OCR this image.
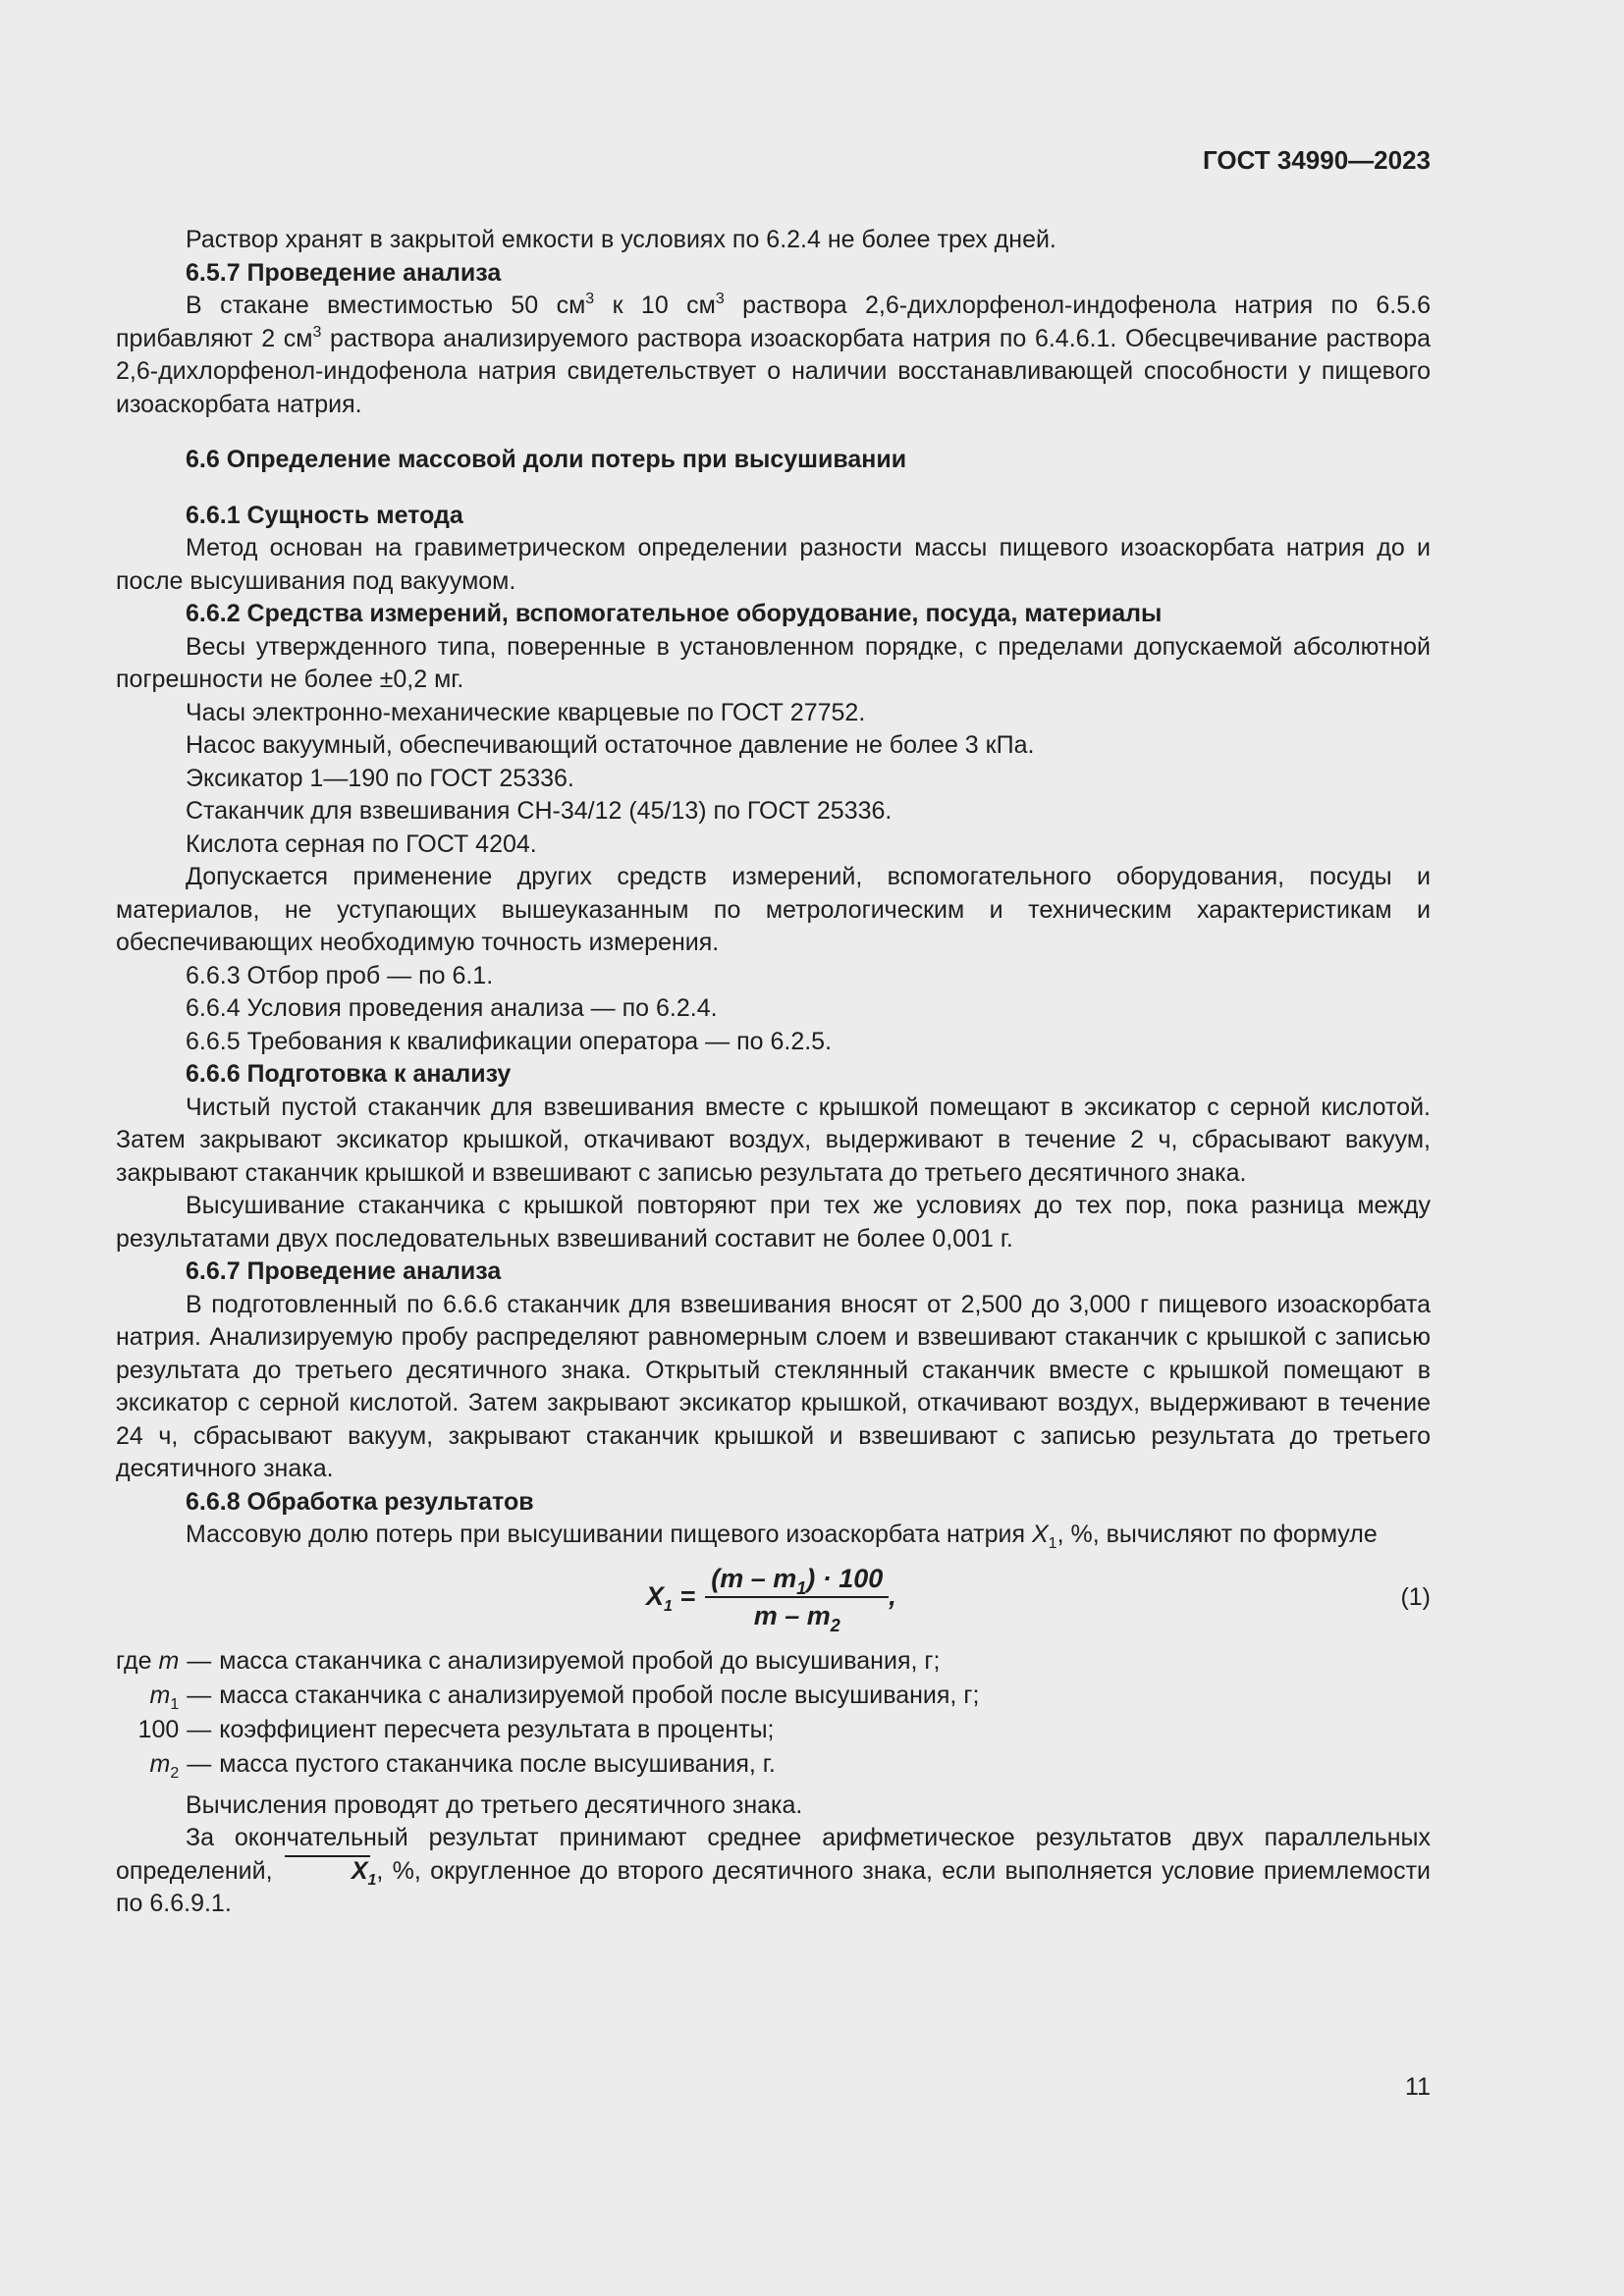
ГОСТ 34990—2023

Раствор хранят в закрытой емкости в условиях по 6.2.4 не более трех дней.

6.5.7 Проведение анализа

В стакане вместимостью 50 $см^3$ к 10 $см^3$ раствора 2,6-дихлорфенол-индофенола натрия по 6.5.6 прибавляют 2 $см^3$ раствора анализируемого раствора изоаскорбата натрия по 6.4.6.1. Обесцвечивание раствора 2,6-дихлорфенол-индофенола натрия свидетельствует о наличии восстанавливающей способности у пищевого изоаскорбата натрия.

6.6 Определение массовой доли потерь при высушивании

6.6.1 Сущность метода

Метод основан на гравиметрическом определении разности массы пищевого изоаскорбата натрия до и после высушивания под вакуумом.

6.6.2 Средства измерений, вспомогательное оборудование, посуда, материалы

Весы утвержденного типа, поверенные в установленном порядке, с пределами допускаемой абсолютной погрешности не более ±0,2 мг.

Часы электронно-механические кварцевые по ГОСТ 27752.

Насос вакуумный, обеспечивающий остаточное давление не более 3 кПа.

Эксикатор 1—190 по ГОСТ 25336.

Стаканчик для взвешивания СН-34/12 (45/13) по ГОСТ 25336.

Кислота серная по ГОСТ 4204.

Допускается применение других средств измерений, вспомогательного оборудования, посуды и материалов, не уступающих вышеуказанным по метрологическим и техническим характеристикам и обеспечивающих необходимую точность измерения.

6.6.3 Отбор проб — по 6.1.

6.6.4 Условия проведения анализа — по 6.2.4.

6.6.5 Требования к квалификации оператора — по 6.2.5.

6.6.6 Подготовка к анализу

Чистый пустой стаканчик для взвешивания вместе с крышкой помещают в эксикатор с серной кислотой. Затем закрывают эксикатор крышкой, откачивают воздух, выдерживают в течение 2 ч, сбрасывают вакуум, закрывают стаканчик крышкой и взвешивают с записью результата до третьего десятичного знака.

Высушивание стаканчика с крышкой повторяют при тех же условиях до тех пор, пока разница между результатами двух последовательных взвешиваний составит не более 0,001 г.

6.6.7 Проведение анализа

В подготовленный по 6.6.6 стаканчик для взвешивания вносят от 2,500 до 3,000 г пищевого изоаскорбата натрия. Анализируемую пробу распределяют равномерным слоем и взвешивают стаканчик с крышкой с записью результата до третьего десятичного знака. Открытый стеклянный стаканчик вместе с крышкой помещают в эксикатор с серной кислотой. Затем закрывают эксикатор крышкой, откачивают воздух, выдерживают в течение 24 ч, сбрасывают вакуум, закрывают стаканчик крышкой и взвешивают с записью результата до третьего десятичного знака.

6.6.8 Обработка результатов

Массовую долю потерь при высушивании пищевого изоаскорбата натрия $X_1$, %, вычисляют по формуле

$X_1 = \frac{(m - m_1) \cdot 100}{m - m_2}$ ,	(1)
где m	—	масса стаканчика с анализируемой пробой до высушивания, г;
$m_1$	—	масса стаканчика с анализируемой пробой после высушивания, г;
100	—	коэффициент пересчета результата в проценты;
$m_2$	—	масса пустого стаканчика после высушивания, г.

Вычисления проводят до третьего десятичного знака.

За окончательный результат принимают среднее арифметическое результатов двух параллельных определений,	$X_1$, %, округленное до второго десятичного знака, если выполняется условие приемлемости по 6.6.9.1.

11
